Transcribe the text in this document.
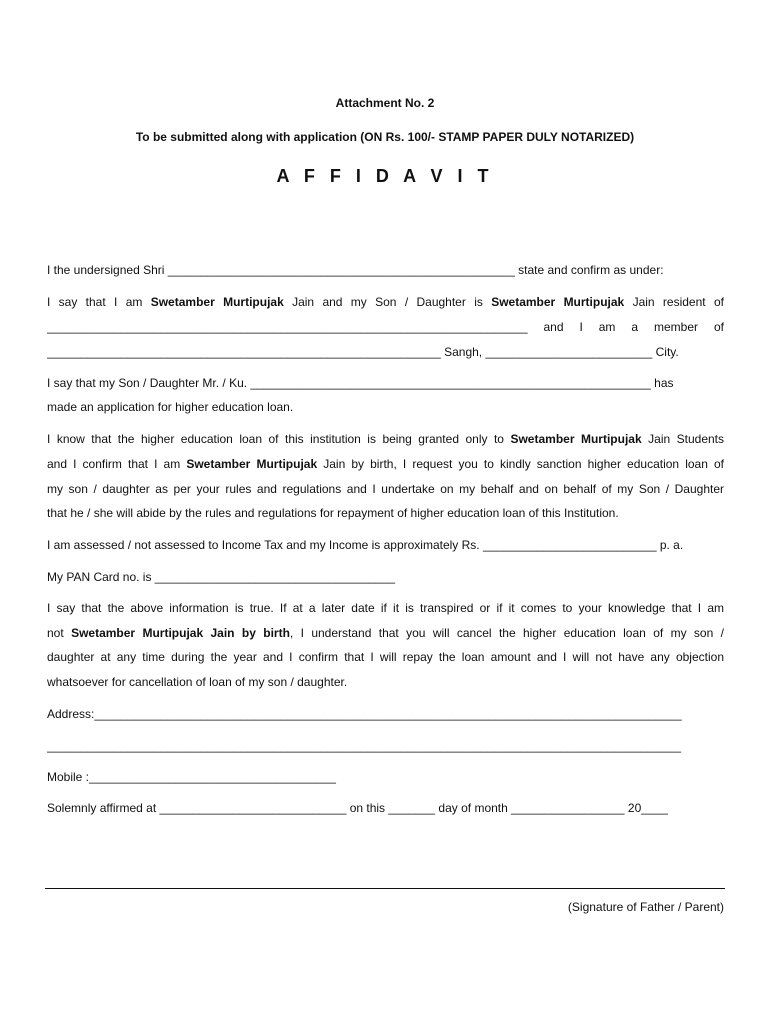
Attachment No. 2
To be submitted along with application (ON Rs. 100/- STAMP PAPER DULY NOTARIZED)
A F F I D A V I T
I the undersigned Shri ____________________________________________________ state and confirm as under:
I say that I am Swetamber Murtipujak Jain and my Son / Daughter is Swetamber Murtipujak Jain resident of
________________________________________________________________________ and I am a member of
___________________________________________________________ Sangh, _________________________ City.
I say that my Son / Daughter Mr. / Ku. ____________________________________________________________ has
made an application for higher education loan.
I know that the higher education loan of this institution is being granted only to Swetamber Murtipujak Jain Students
and I confirm that I am Swetamber Murtipujak Jain by birth, I request you to kindly sanction higher education loan of
my son / daughter as per your rules and regulations and I undertake on my behalf and on behalf of my Son / Daughter
that he / she will abide by the rules and regulations for repayment of higher education loan of this Institution.
I am assessed / not assessed to Income Tax and my Income is approximately Rs. __________________________ p. a.
My PAN Card no. is ____________________________________
I say that the above information is true. If at a later date if it is transpired or if it comes to your knowledge that I am
not Swetamber Murtipujak Jain by birth, I understand that you will cancel the higher education loan of my son /
daughter at any time during the year and I confirm that I will repay the loan amount and I will not have any objection
whatsoever for cancellation of loan of my son / daughter.
Address:________________________________________________________________________________________
_______________________________________________________________________________________________
Mobile :_____________________________________
Solemnly affirmed at ____________________________ on this _______ day of month _________________ 20____
(Signature of Father / Parent)
